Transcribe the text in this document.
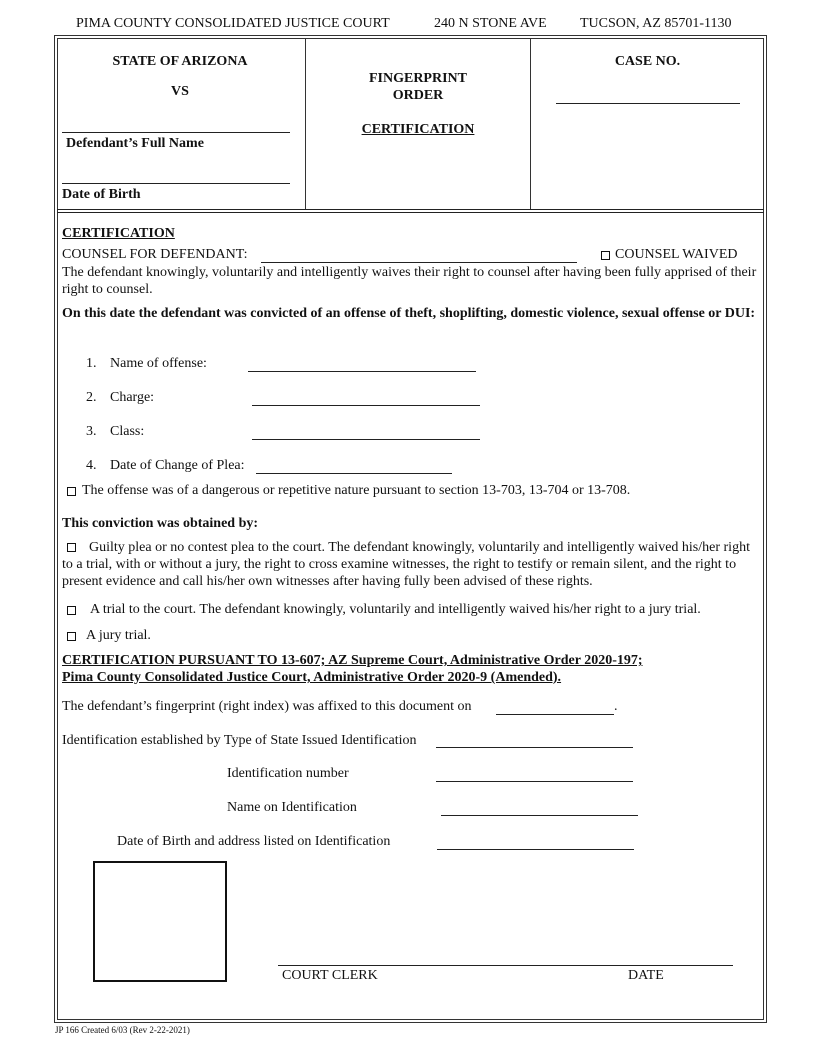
PIMA COUNTY CONSOLIDATED JUSTICE COURT	240 N STONE AVE TUCSON, AZ 85701-1130
STATE OF ARIZONA
VS
Defendant’s Full Name
Date of Birth
FINGERPRINT
ORDER
CERTIFICATION
CASE NO.
CERTIFICATION
COUNSEL FOR DEFENDANT:	COUNSEL WAIVED
The defendant knowingly, voluntarily and intelligently waives their right to counsel after having been fully apprised of their right to counsel.
On this date the defendant was convicted of an offense of theft, shoplifting, domestic violence, sexual offense or DUI:
1. Name of offense:
2. Charge:
3. Class:
4. Date of Change of Plea:
The offense was of a dangerous or repetitive nature pursuant to section 13-703, 13-704 or 13-708.
This conviction was obtained by:
Guilty plea or no contest plea to the court. The defendant knowingly, voluntarily and intelligently waived his/her right to a trial, with or without a jury, the right to cross examine witnesses, the right to testify or remain silent, and the right to present evidence and call his/her own witnesses after having fully been advised of these rights.
A trial to the court. The defendant knowingly, voluntarily and intelligently waived his/her right to a jury trial.
A jury trial.
CERTIFICATION PURSUANT TO 13-607; AZ Supreme Court, Administrative Order 2020-197;
Pima County Consolidated Justice Court, Administrative Order 2020-9 (Amended).
The defendant’s fingerprint (right index) was affixed to this document on	.
Identification established by Type of State Issued Identification
Identification number
Name on Identification
Date of Birth and address listed on Identification
COURT CLERK	DATE
JP 166 Created 6/03 (Rev 2-22-2021)
